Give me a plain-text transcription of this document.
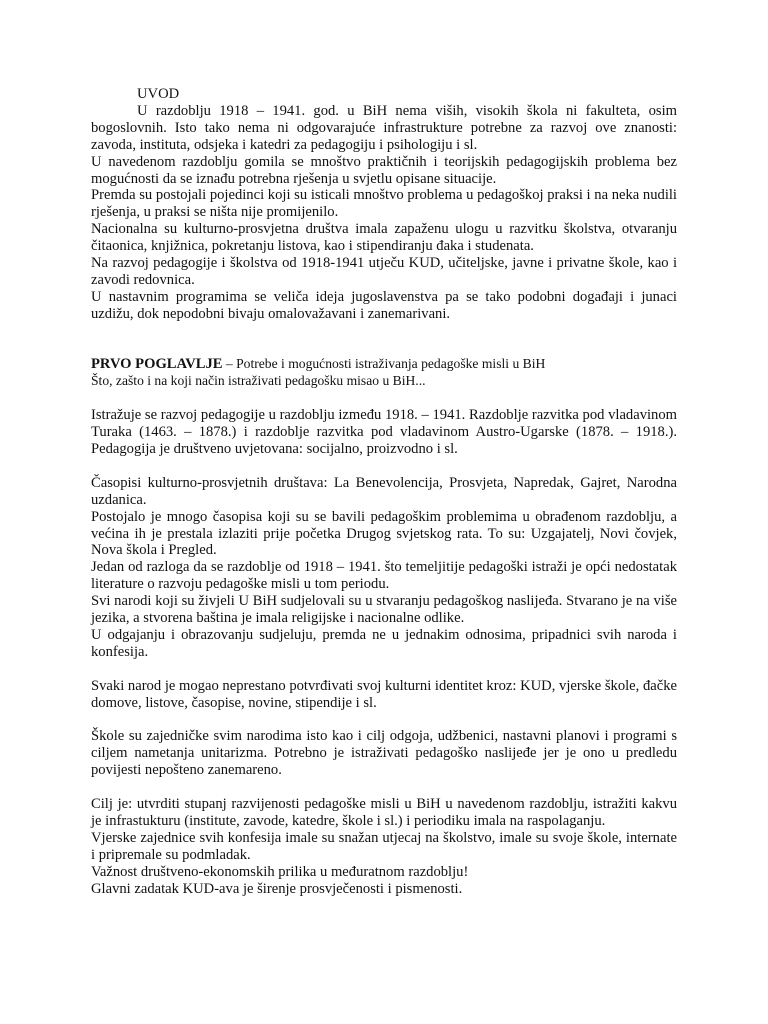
UVOD

U razdoblju 1918 – 1941. god. u BiH nema viših, visokih škola ni fakulteta, osim bogoslovnih. Isto tako nema ni odgovarajuće infrastrukture potrebne za razvoj ove znanosti: zavoda, instituta, odsjeka i katedri za pedagogiju i psihologiju i sl.

U navedenom razdoblju gomila se mnoštvo praktičnih i teorijskih pedagogijskih problema bez mogućnosti da se iznađu potrebna rješenja u svjetlu opisane situacije.

Premda su postojali pojedinci koji su isticali mnoštvo problema u pedagoškoj praksi i na neka nudili rješenja, u praksi se ništa nije promijenilo.

Nacionalna su kulturno-prosvjetna društva imala zapaženu ulogu u razvitku školstva, otvaranju čitaonica, knjižnica, pokretanju listova, kao i stipendiranju đaka i studenata.

Na razvoj pedagogije i školstva od 1918-1941 utječu KUD, učiteljske, javne i privatne škole, kao i zavodi redovnica.

U nastavnim programima se veliča ideja jugoslavenstva pa se tako podobni događaji i junaci uzdižu, dok nepodobni bivaju omalovažavani i zanemarivani.

PRVO POGLAVLJE – Potrebe i mogućnosti istraživanja pedagoške misli u BiH

Što, zašto i na koji način istraživati pedagošku misao u BiH...

Istražuje se razvoj pedagogije u razdoblju između 1918. – 1941. Razdoblje razvitka pod vladavinom Turaka (1463. – 1878.) i razdoblje razvitka pod vladavinom Austro-Ugarske (1878. – 1918.). Pedagogija je društveno uvjetovana: socijalno, proizvodno i sl.

Časopisi kulturno-prosvjetnih društava: La Benevolencija, Prosvjeta, Napredak, Gajret, Narodna uzdanica.

Postojalo je mnogo časopisa koji su se bavili pedagoškim problemima u obrađenom razdoblju, a većina ih je prestala izlaziti prije početka Drugog svjetskog rata. To su: Uzgajatelj, Novi čovjek, Nova škola i Pregled.

Jedan od razloga da se razdoblje od 1918 – 1941. što temeljitije pedagoški istraži je opći nedostatak literature o razvoju pedagoške misli u tom periodu.

Svi narodi koji su živjeli U BiH sudjelovali su u stvaranju pedagoškog naslijeđa. Stvarano je na više jezika, a stvorena baština je imala religijske i nacionalne odlike.

U odgajanju i obrazovanju sudjeluju, premda ne u jednakim odnosima, pripadnici svih naroda i konfesija.

Svaki narod je mogao neprestano potvrđivati svoj kulturni identitet kroz: KUD, vjerske škole, đačke domove, listove, časopise, novine, stipendije i sl.

Škole su zajedničke svim narodima isto kao i cilj odgoja, udžbenici, nastavni planovi i programi s ciljem nametanja unitarizma. Potrebno je istraživati pedagoško naslijeđe jer je ono u predledu povijesti nepošteno zanemareno.

Cilj je: utvrditi stupanj razvijenosti pedagoške misli u BiH u navedenom razdoblju, istražiti kakvu je infrastukturu (institute, zavode, katedre, škole i sl.) i periodiku imala na raspolaganju.

Vjerske zajednice svih konfesija imale su snažan utjecaj na školstvo, imale su svoje škole, internate i pripremale su podmladak.

Važnost društveno-ekonomskih prilika u međuratnom razdoblju!

Glavni zadatak KUD-ava je širenje prosvječenosti i pismenosti.
